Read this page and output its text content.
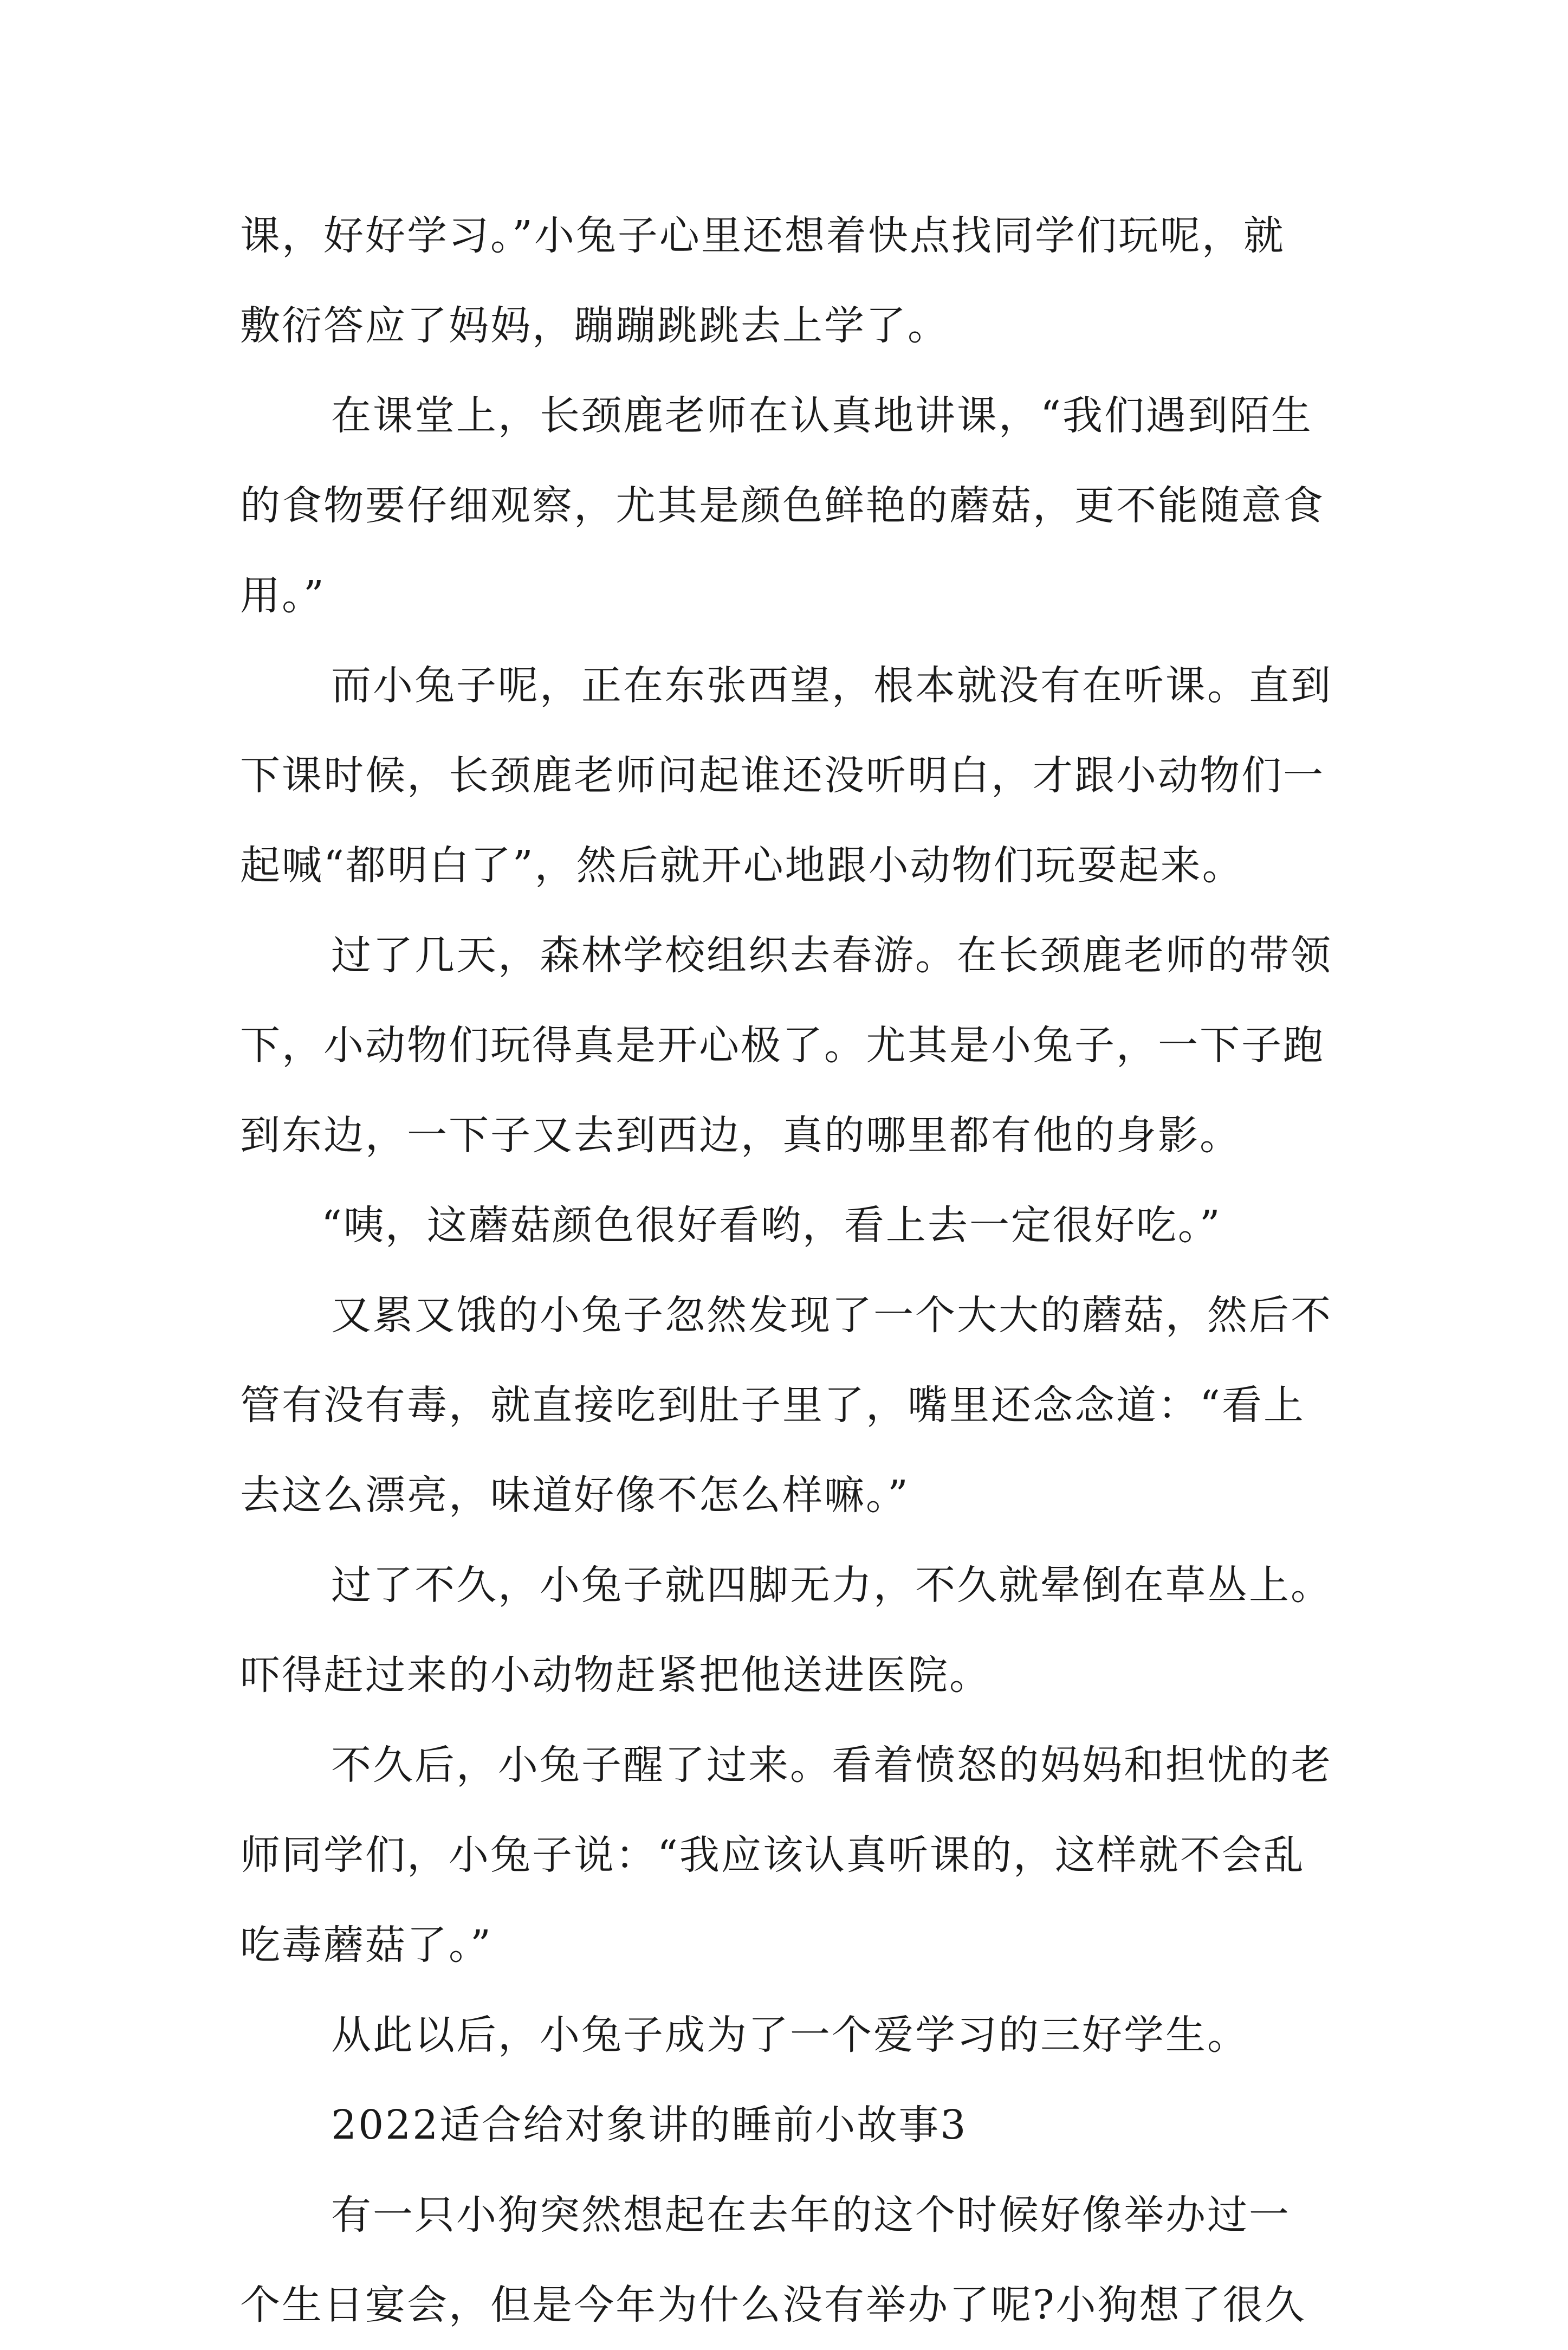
课，好好学习。”小兔子心里还想着快点找同学们玩呢，就
敷衍答应了妈妈，蹦蹦跳跳去上学了。
在课堂上，长颈鹿老师在认真地讲课，“我们遇到陌生
的食物要仔细观察，尤其是颜色鲜艳的蘑菇，更不能随意食
用。”
而小兔子呢，正在东张西望，根本就没有在听课。直到
下课时候，长颈鹿老师问起谁还没听明白，才跟小动物们一
起喊“都明白了”，然后就开心地跟小动物们玩耍起来。
过了几天，森林学校组织去春游。在长颈鹿老师的带领
下，小动物们玩得真是开心极了。尤其是小兔子，一下子跑
到东边，一下子又去到西边，真的哪里都有他的身影。
“咦，这蘑菇颜色很好看哟，看上去一定很好吃。”
又累又饿的小兔子忽然发现了一个大大的蘑菇，然后不
管有没有毒，就直接吃到肚子里了，嘴里还念念道：“看上
去这么漂亮，味道好像不怎么样嘛。”
过了不久，小兔子就四脚无力，不久就晕倒在草丛上。
吓得赶过来的小动物赶紧把他送进医院。
不久后，小兔子醒了过来。看着愤怒的妈妈和担忧的老
师同学们，小兔子说：“我应该认真听课的，这样就不会乱
吃毒蘑菇了。”
从此以后，小兔子成为了一个爱学习的三好学生。
2022适合给对象讲的睡前小故事3
有一只小狗突然想起在去年的这个时候好像举办过一
个生日宴会，但是今年为什么没有举办了呢?小狗想了很久
